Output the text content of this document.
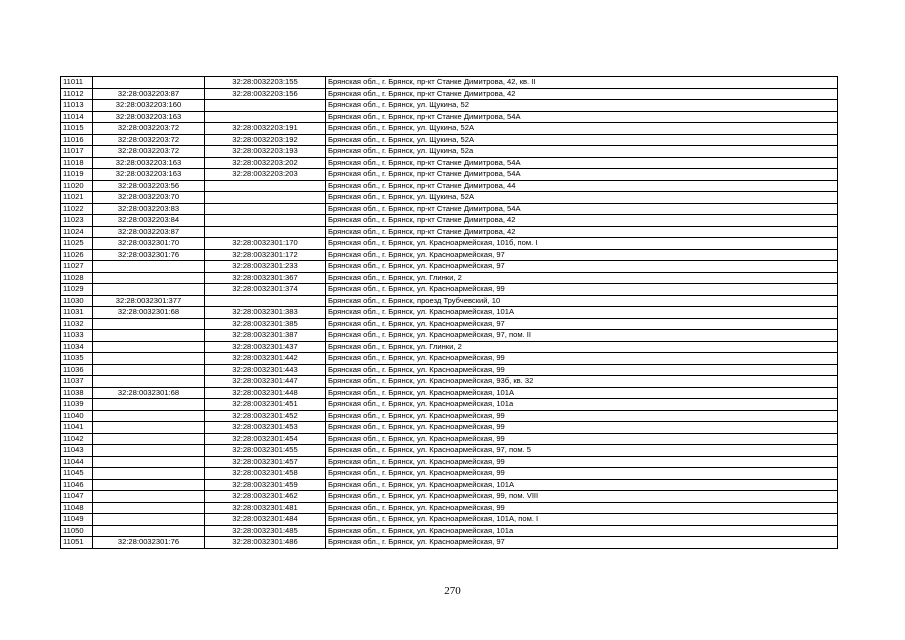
11011		32:28:0032203:155	Брянская обл., г. Брянск, пр-кт Станке Димитрова, 42, кв. II
11012	32:28:0032203:87	32:28:0032203:156	Брянская обл., г. Брянск, пр-кт Станке Димитрова, 42
11013	32:28:0032203:160		Брянская обл., г. Брянск, ул. Щукина, 52
11014	32:28:0032203:163		Брянская обл., г. Брянск, пр-кт Станке Димитрова, 54А
11015	32:28:0032203:72	32:28:0032203:191	Брянская обл., г. Брянск, ул. Щукина, 52А
11016	32:28:0032203:72	32:28:0032203:192	Брянская обл., г. Брянск, ул. Щукина, 52А
11017	32:28:0032203:72	32:28:0032203:193	Брянская обл., г. Брянск, ул. Щукина, 52а
11018	32:28:0032203:163	32:28:0032203:202	Брянская обл., г. Брянск, пр-кт Станке Димитрова, 54А
11019	32:28:0032203:163	32:28:0032203:203	Брянская обл., г. Брянск, пр-кт Станке Димитрова, 54А
11020	32:28:0032203:56		Брянская обл., г. Брянск, пр-кт Станке Димитрова, 44
11021	32:28:0032203:70		Брянская обл., г. Брянск, ул. Щукина, 52А
11022	32:28:0032203:83		Брянская обл., г. Брянск, пр-кт Станке Димитрова, 54А
11023	32:28:0032203:84		Брянская обл., г. Брянск, пр-кт Станке Димитрова, 42
11024	32:28:0032203:87		Брянская обл., г. Брянск, пр-кт Станке Димитрова, 42
11025	32:28:0032301:70	32:28:0032301:170	Брянская обл., г. Брянск, ул. Красноармейская, 101б, пом. I
11026	32:28:0032301:76	32:28:0032301:172	Брянская обл., г. Брянск, ул. Красноармейская, 97
11027		32:28:0032301:233	Брянская обл., г. Брянск, ул. Красноармейская, 97
11028		32:28:0032301:367	Брянская обл., г. Брянск, ул. Глинки, 2
11029		32:28:0032301:374	Брянская обл., г. Брянск, ул. Красноармейская, 99
11030	32:28:0032301:377		Брянская обл., г. Брянск, проезд Трубчевский, 10
11031	32:28:0032301:68	32:28:0032301:383	Брянская обл., г. Брянск, ул. Красноармейская, 101А
11032		32:28:0032301:385	Брянская обл., г. Брянск, ул. Красноармейская, 97
11033		32:28:0032301:387	Брянская обл., г. Брянск, ул. Красноармейская, 97, пом. II
11034		32:28:0032301:437	Брянская обл., г. Брянск, ул. Глинки, 2
11035		32:28:0032301:442	Брянская обл., г. Брянск, ул. Красноармейская, 99
11036		32:28:0032301:443	Брянская обл., г. Брянск, ул. Красноармейская, 99
11037		32:28:0032301:447	Брянская обл., г. Брянск, ул. Красноармейская, 93б, кв. 32
11038	32:28:0032301:68	32:28:0032301:448	Брянская обл., г. Брянск, ул. Красноармейская, 101А
11039		32:28:0032301:451	Брянская обл., г. Брянск, ул. Красноармейская, 101а
11040		32:28:0032301:452	Брянская обл., г. Брянск, ул. Красноармейская, 99
11041		32:28:0032301:453	Брянская обл., г. Брянск, ул. Красноармейская, 99
11042		32:28:0032301:454	Брянская обл., г. Брянск, ул. Красноармейская, 99
11043		32:28:0032301:455	Брянская обл., г. Брянск, ул. Красноармейская, 97, пом. 5
11044		32:28:0032301:457	Брянская обл., г. Брянск, ул. Красноармейская, 99
11045		32:28:0032301:458	Брянская обл., г. Брянск, ул. Красноармейская, 99
11046		32:28:0032301:459	Брянская обл., г. Брянск, ул. Красноармейская, 101А
11047		32:28:0032301:462	Брянская обл., г. Брянск, ул. Красноармейская, 99, пом. VIII
11048		32:28:0032301:481	Брянская обл., г. Брянск, ул. Красноармейская, 99
11049		32:28:0032301:484	Брянская обл., г. Брянск, ул. Красноармейская, 101А, пом. I
11050		32:28:0032301:485	Брянская обл., г. Брянск, ул. Красноармейская, 101а
11051	32:28:0032301:76	32:28:0032301:486	Брянская обл., г. Брянск, ул. Красноармейская, 97
270
